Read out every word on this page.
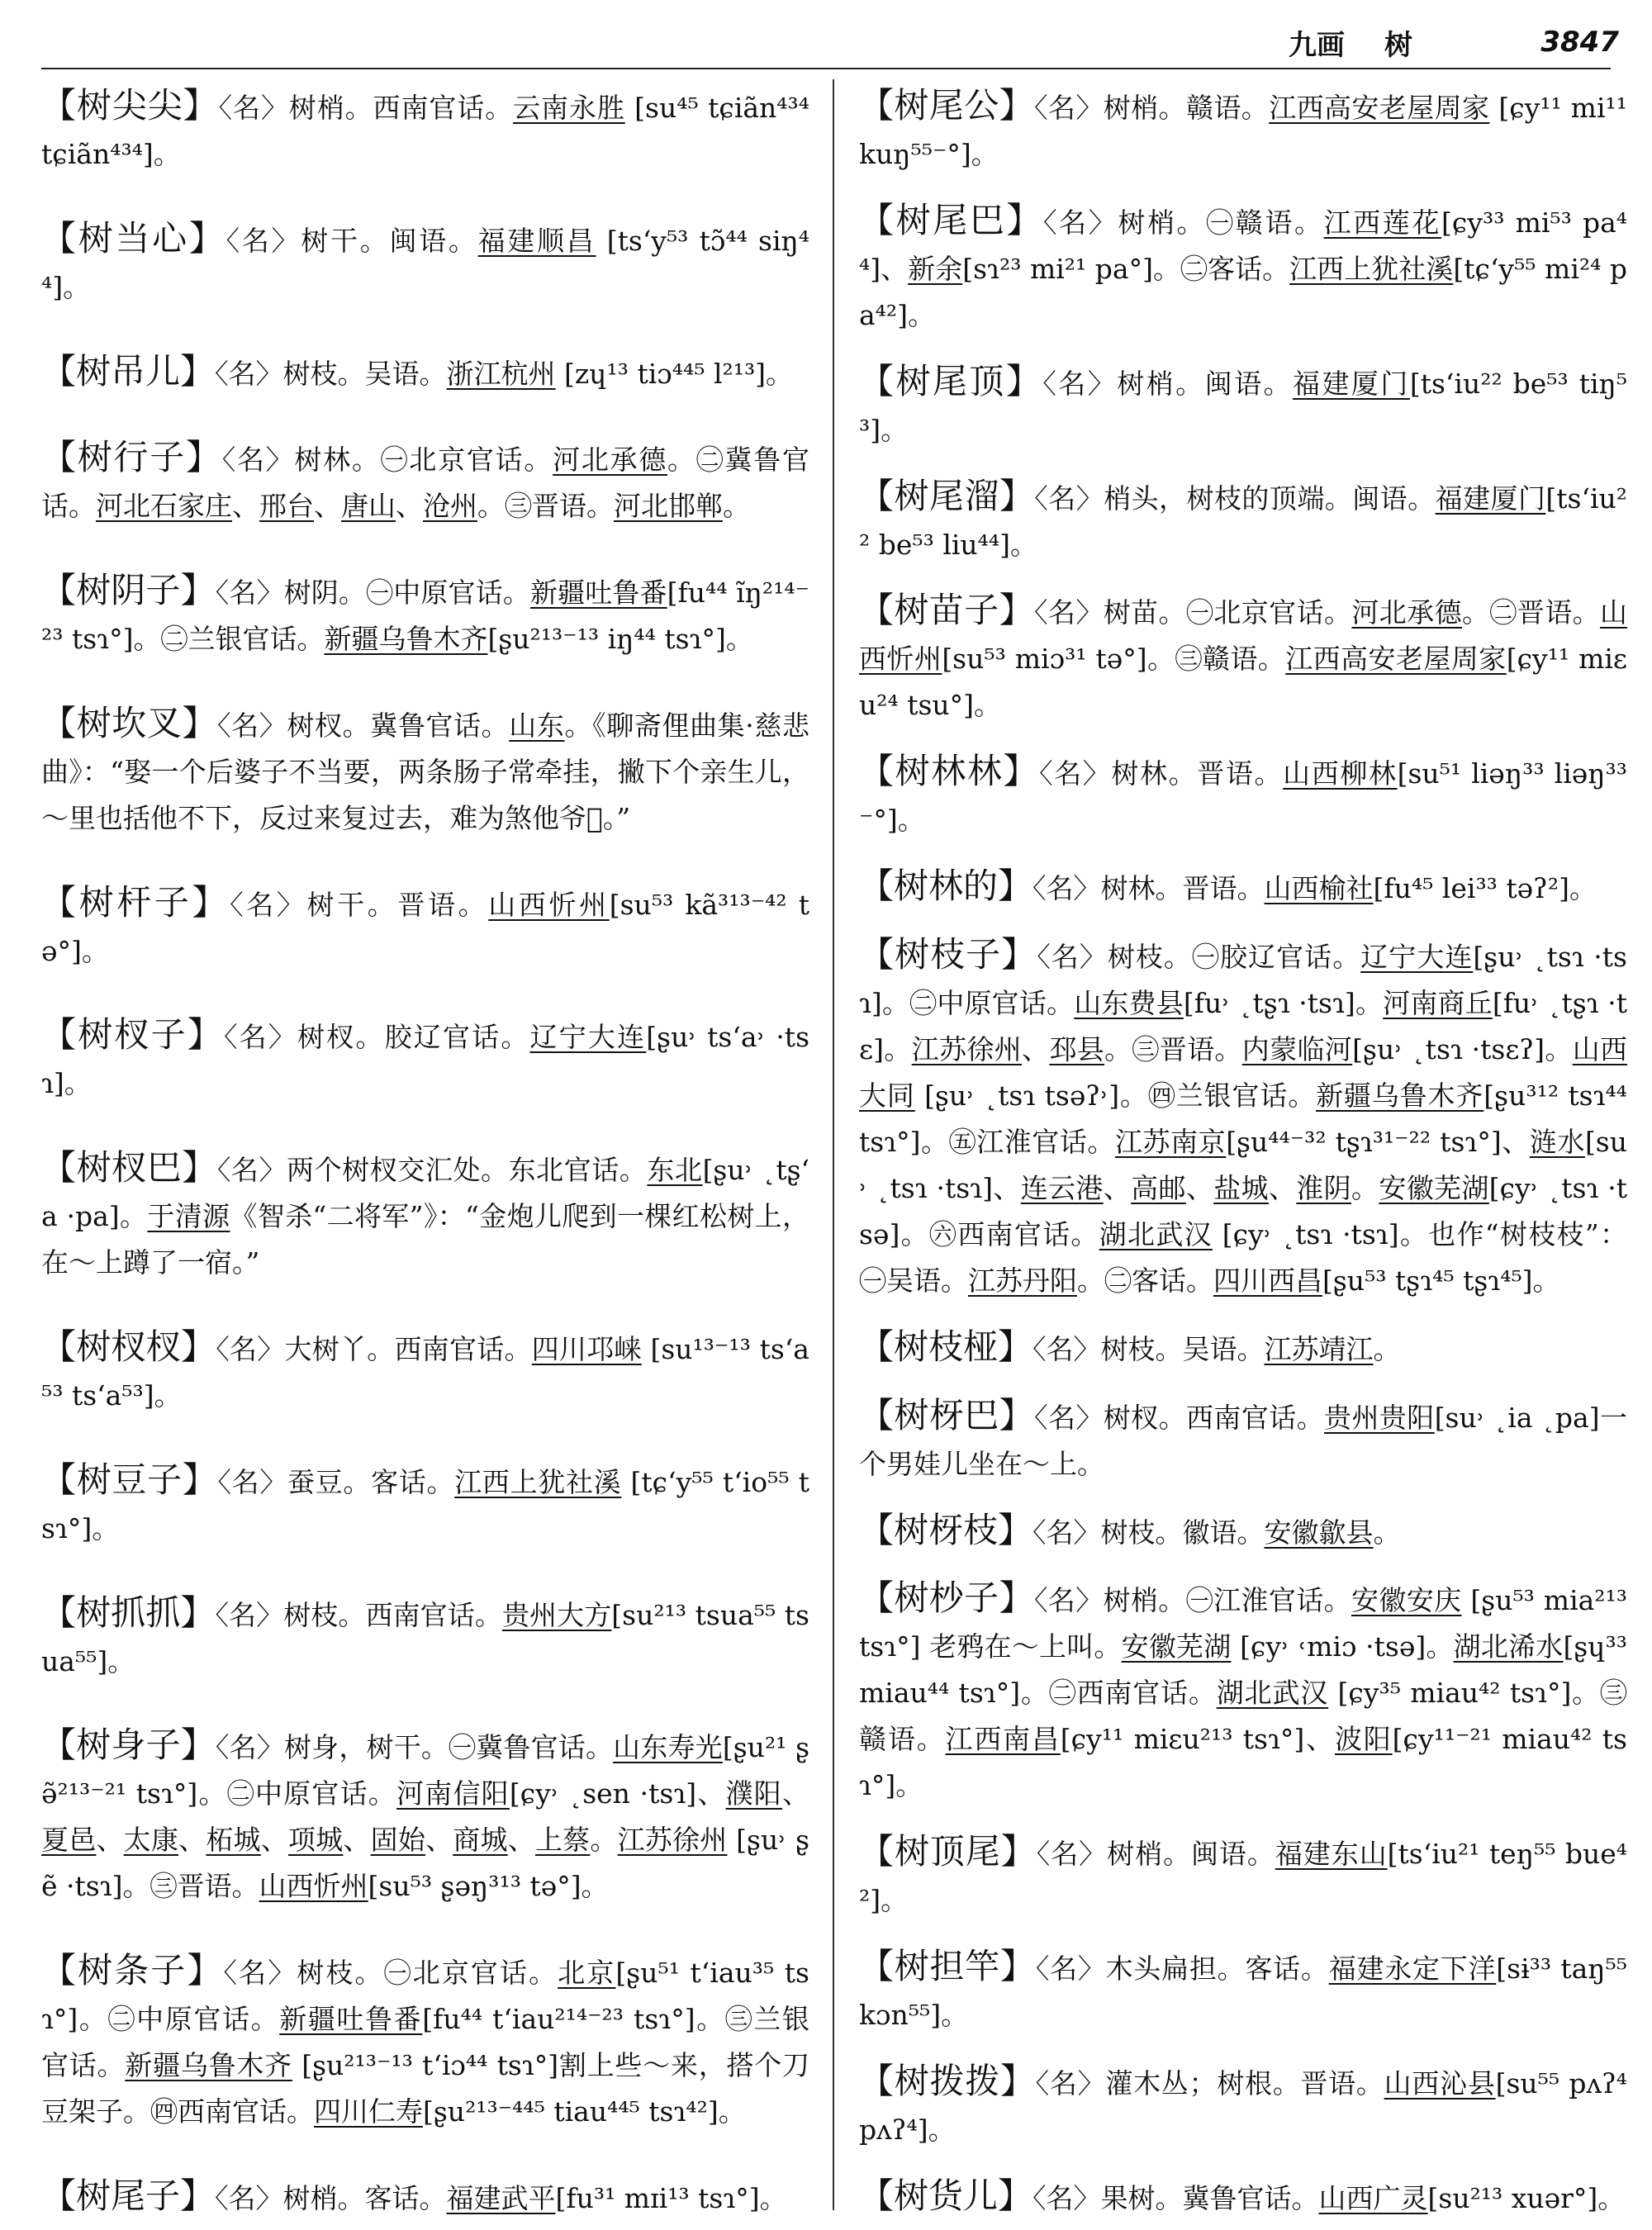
九画 树	3847
【树尖尖】〈名〉树梢。西南官话。云南永胜 [su⁴⁵ tɕiãn⁴³⁴ tɕiãn⁴³⁴]。
【树当心】〈名〉树干。闽语。福建顺昌 [tsʻy⁵³ tɔ̃⁴⁴ siŋ⁴⁴]。
【树吊儿】〈名〉树枝。吴语。浙江杭州 [zɥ¹³ tiɔ⁴⁴⁵ l²¹³]。
【树行子】〈名〉树林。㊀北京官话。河北承德。㊁冀鲁官话。河北石家庄、邢台、唐山、沧州。㊂晋语。河北邯郸。
【树阴子】〈名〉树阴。㊀中原官话。新疆吐鲁番[fu⁴⁴ ĩŋ²¹⁴⁻²³ tsɿ°]。㊁兰银官话。新疆乌鲁木齐[ʂu²¹³⁻¹³ iŋ⁴⁴ tsɿ°]。
【树坎叉】〈名〉树杈。冀鲁官话。山东。《聊斋俚曲集·慈悲曲》：“娶一个后婆子不当要，两条肠子常牵挂，撇下个亲生儿，～里也括他不下，反过来复过去，难为煞他爷𠆬。”
【树杆子】〈名〉树干。晋语。山西忻州[su⁵³ kã³¹³⁻⁴² tə°]。
【树杈子】〈名〉树杈。胶辽官话。辽宁大连[ʂu˒ tsʻa˒ ·tsɿ]。
【树杈巴】〈名〉两个树杈交汇处。东北官话。东北[ʂu˒ ˛tʂʻa ·pa]。于清源《智杀“二将军”》：“金炮儿爬到一棵红松树上，在～上蹲了一宿。”
【树杈杈】〈名〉大树丫。西南官话。四川邛崃 [su¹³⁻¹³ tsʻa⁵³ tsʻa⁵³]。
【树豆子】〈名〉蚕豆。客话。江西上犹社溪 [tɕʻy⁵⁵ tʻio⁵⁵ tsɿ°]。
【树抓抓】〈名〉树枝。西南官话。贵州大方[su²¹³ tsua⁵⁵ tsua⁵⁵]。
【树身子】〈名〉树身，树干。㊀冀鲁官话。山东寿光[ʂu²¹ ʂə̃²¹³⁻²¹ tsɿ°]。㊁中原官话。河南信阳[ɕy˒ ˛sen ·tsɿ]、濮阳、夏邑、太康、柘城、项城、固始、商城、上蔡。江苏徐州 [ʂu˒ ʂẽ ·tsɿ]。㊂晋语。山西忻州[su⁵³ ʂəŋ³¹³ tə°]。
【树条子】〈名〉树枝。㊀北京官话。北京[ʂu⁵¹ tʻiau³⁵ tsɿ°]。㊁中原官话。新疆吐鲁番[fu⁴⁴ tʻiau²¹⁴⁻²³ tsɿ°]。㊂兰银官话。新疆乌鲁木齐 [ʂu²¹³⁻¹³ tʻiɔ⁴⁴ tsɿ°]割上些～来，搭个刀豆架子。㊃西南官话。四川仁寿[ʂu²¹³⁻⁴⁴⁵ tiau⁴⁴⁵ tsɿ⁴²]。
【树尾子】〈名〉树梢。客话。福建武平[fu³¹ mɪi¹³ tsɿ°]。
【树尾公】〈名〉树梢。赣语。江西高安老屋周家 [ɕy¹¹ mi¹¹ kuŋ⁵⁵⁻°]。
【树尾巴】〈名〉树梢。㊀赣语。江西莲花[ɕy³³ mi⁵³ pa⁴⁴]、新余[sɿ²³ mi²¹ pa°]。㊁客话。江西上犹社溪[tɕʻy⁵⁵ mi²⁴ pa⁴²]。
【树尾顶】〈名〉树梢。闽语。福建厦门[tsʻiu²² be⁵³ tiŋ⁵³]。
【树尾溜】〈名〉梢头，树枝的顶端。闽语。福建厦门[tsʻiu²² be⁵³ liu⁴⁴]。
【树苗子】〈名〉树苗。㊀北京官话。河北承德。㊁晋语。山西忻州[su⁵³ miɔ³¹ tə°]。㊂赣语。江西高安老屋周家[ɕy¹¹ miɛu²⁴ tsu°]。
【树林林】〈名〉树林。晋语。山西柳林[su⁵¹ liəŋ³³ liəŋ³³⁻°]。
【树林的】〈名〉树林。晋语。山西榆社[fu⁴⁵ lei³³ təʔ²]。
【树枝子】〈名〉树枝。㊀胶辽官话。辽宁大连[ʂu˒ ˛tsɿ ·tsɿ]。㊁中原官话。山东费县[fu˒ ˛tʂɿ ·tsɿ]。河南商丘[fu˒ ˛tʂɿ ·tɛ]。江苏徐州、邳县。㊂晋语。内蒙临河[ʂu˒ ˛tsɿ ·tsɛʔ]。山西大同 [ʂu˒ ˛tsɿ tsəʔ˒]。㊃兰银官话。新疆乌鲁木齐[ʂu³¹² tsɿ⁴⁴ tsɿ°]。㊄江淮官话。江苏南京[ʂu⁴⁴⁻³² tʂɿ³¹⁻²² tsɿ°]、涟水[su˒ ˛tsɿ ·tsɿ]、连云港、高邮、盐城、淮阴。安徽芜湖[ɕy˒ ˛tsɿ ·tsə]。㊅西南官话。湖北武汉 [ɕy˒ ˛tsɿ ·tsɿ]。也作“树枝枝”：㊀吴语。江苏丹阳。㊁客话。四川西昌[ʂu⁵³ tʂɿ⁴⁵ tʂɿ⁴⁵]。
【树枝桠】〈名〉树枝。吴语。江苏靖江。
【树枒巴】〈名〉树杈。西南官话。贵州贵阳[su˒ ˛ia ˛pa]一个男娃儿坐在～上。
【树枒枝】〈名〉树枝。徽语。安徽歙县。
【树杪子】〈名〉树梢。㊀江淮官话。安徽安庆 [ʂu⁵³ mia²¹³ tsɿ°] 老鸦在～上叫。安徽芜湖 [ɕy˒ ˓miɔ ·tsə]。湖北浠水[ʂɥ³³ miau⁴⁴ tsɿ°]。㊁西南官话。湖北武汉 [ɕy³⁵ miau⁴² tsɿ°]。㊂赣语。江西南昌[ɕy¹¹ miɛu²¹³ tsɿ°]、波阳[ɕy¹¹⁻²¹ miau⁴² tsɿ°]。
【树顶尾】〈名〉树梢。闽语。福建东山[tsʻiu²¹ teŋ⁵⁵ bue⁴²]。
【树担竿】〈名〉木头扁担。客话。福建永定下洋[sɨ³³ taŋ⁵⁵ kɔn⁵⁵]。
【树拨拨】〈名〉灌木丛；树根。晋语。山西沁县[su⁵⁵ pʌʔ⁴ pʌʔ⁴]。
【树货儿】〈名〉果树。冀鲁官话。山西广灵[su²¹³ xuər°]。
